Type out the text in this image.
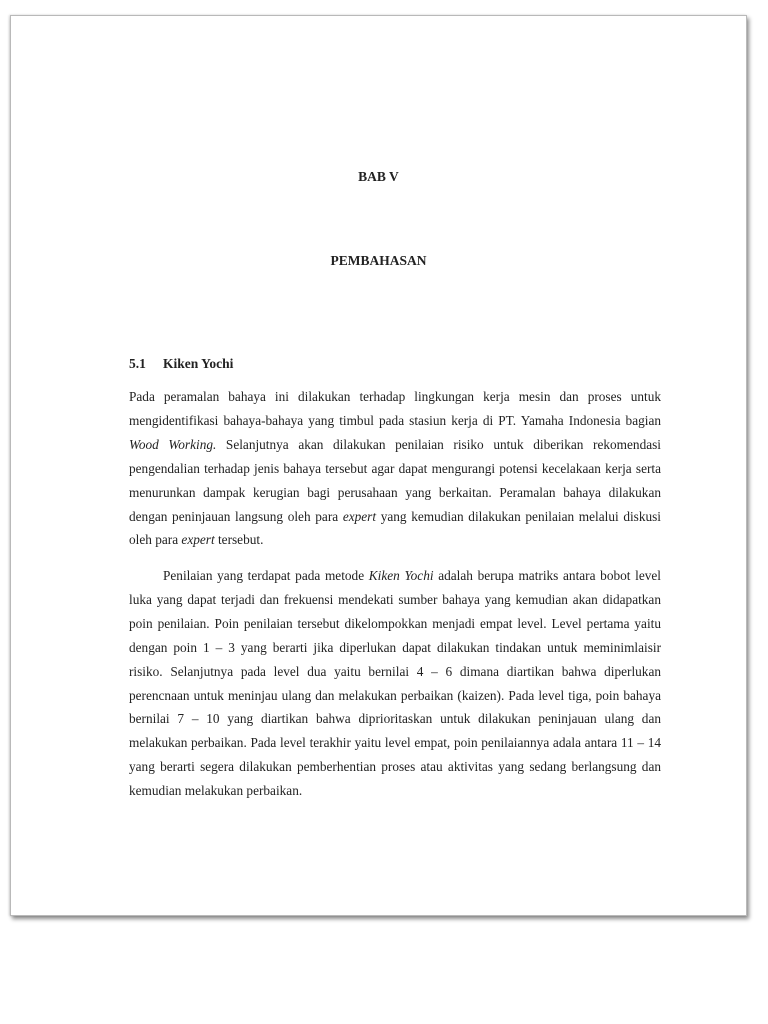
BAB V
PEMBAHASAN
5.1 Kiken Yochi

Pada peramalan bahaya ini dilakukan terhadap lingkungan kerja mesin dan proses untuk mengidentifikasi bahaya-bahaya yang timbul pada stasiun kerja di PT. Yamaha Indonesia bagian Wood Working. Selanjutnya akan dilakukan penilaian risiko untuk diberikan rekomendasi pengendalian terhadap jenis bahaya tersebut agar dapat mengurangi potensi kecelakaan kerja serta menurunkan dampak kerugian bagi perusahaan yang berkaitan. Peramalan bahaya dilakukan dengan peninjauan langsung oleh para expert yang kemudian dilakukan penilaian melalui diskusi oleh para expert tersebut.

Penilaian yang terdapat pada metode Kiken Yochi adalah berupa matriks antara bobot level luka yang dapat terjadi dan frekuensi mendekati sumber bahaya yang kemudian akan didapatkan poin penilaian. Poin penilaian tersebut dikelompokkan menjadi empat level. Level pertama yaitu dengan poin 1 – 3 yang berarti jika diperlukan dapat dilakukan tindakan untuk meminimlaisir risiko. Selanjutnya pada level dua yaitu bernilai 4 – 6 dimana diartikan bahwa diperlukan perencnaan untuk meninjau ulang dan melakukan perbaikan (kaizen). Pada level tiga, poin bahaya bernilai 7 – 10 yang diartikan bahwa diprioritaskan untuk dilakukan peninjauan ulang dan melakukan perbaikan. Pada level terakhir yaitu level empat, poin penilaiannya adala antara 11 – 14 yang berarti segera dilakukan pemberhentian proses atau aktivitas yang sedang berlangsung dan kemudian melakukan perbaikan.
